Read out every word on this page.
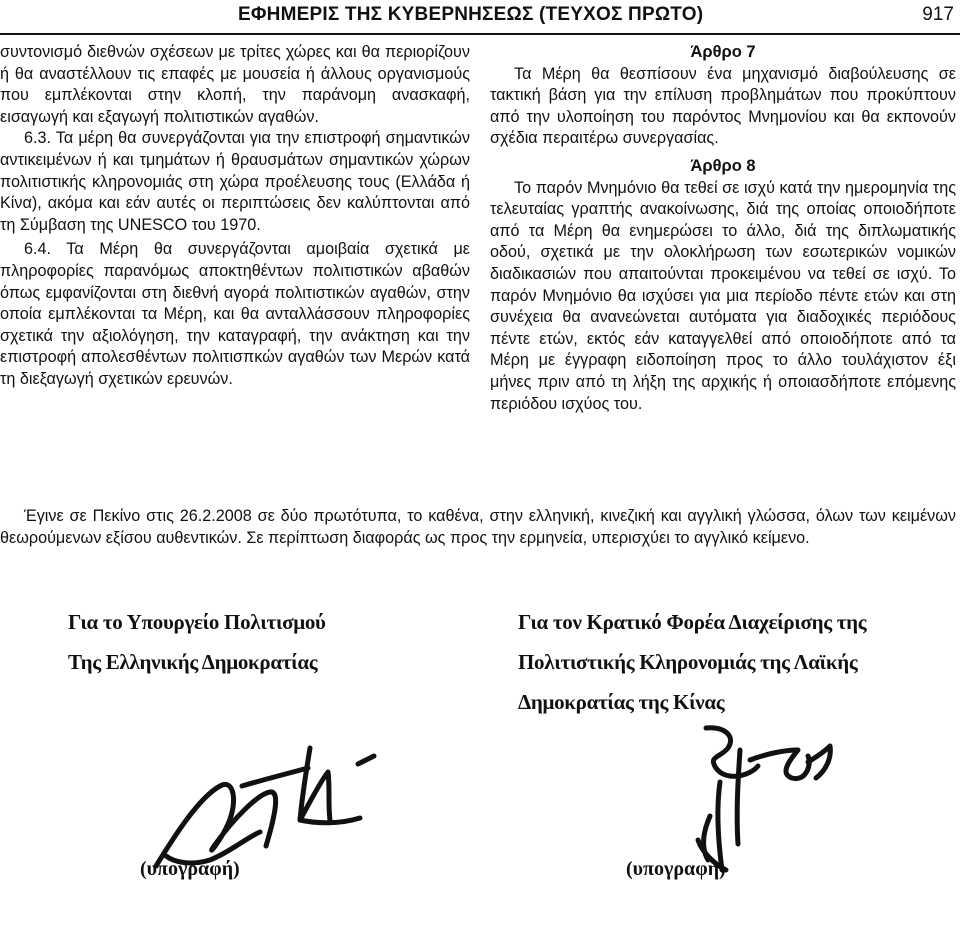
ΕΦΗΜΕΡΙΣ ΤΗΣ ΚΥΒΕΡΝΗΣΕΩΣ (ΤΕΥΧΟΣ ΠΡΩΤΟ)	917

συντονισμό διεθνών σχέσεων με τρίτες χώρες και θα περιορίζουν ή θα αναστέλλουν τις επαφές με μουσεία ή άλλους οργανισμούς που εμπλέκονται στην κλοπή, την παράνομη ανασκαφή, εισαγωγή και εξαγωγή πολιτιστικών αγαθών.

6.3. Τα μέρη θα συνεργάζονται για την επιστροφή σημαντικών αντικειμένων ή και τμημάτων ή θραυσμάτων σημαντικών χώρων πολιτιστικής κληρονομιάς στη χώρα προέλευσης τους (Ελλάδα ή Κίνα), ακόμα και εάν αυτές οι περιπτώσεις δεν καλύπτονται από τη Σύμβαση της UNESCO του 1970.

6.4. Τα Μέρη θα συνεργάζονται αμοιβαία σχετικά με πληροφορίες παρανόμως αποκτηθέντων πολιτιστικών αβαθών όπως εμφανίζονται στη διεθνή αγορά πολιτιστικών αγαθών, στην οποία εμπλέκονται τα Μέρη, και θα ανταλλάσσουν πληροφορίες σχετικά την αξιολόγηση, την καταγραφή, την ανάκτηση και την επιστροφή απολεσθέντων πολιτισπκών αγαθών των Μερών κατά τη διεξαγωγή σχετικών ερευνών.

Άρθρο 7

Τα Μέρη θα θεσπίσουν ένα μηχανισμό διαβούλευσης σε τακτική βάση για την επίλυση προβλημάτων που προκύπτουν από την υλοποίηση του παρόντος Μνημονίου και θα εκπονούν σχέδια περαιτέρω συνεργασίας.

Άρθρο 8

Το παρόν Μνημόνιο θα τεθεί σε ισχύ κατά την ημερομηνία της τελευταίας γραπτής ανακοίνωσης, διά της οποίας οποιοδήποτε από τα Μέρη θα ενημερώσει το άλλο, διά της διπλωματικής οδού, σχετικά με την ολοκλήρωση των εσωτερικών νομικών διαδικασιών που απαιτούνται προκειμένου να τεθεί σε ισχύ. Το παρόν Μνημόνιο θα ισχύσει για μια περίοδο πέντε ετών και στη συνέχεια θα ανανεώνεται αυτόματα για διαδοχικές περιόδους πέντε ετών, εκτός εάν καταγγελθεί από οποιοδήποτε από τα Μέρη με έγγραφη ειδοποίηση προς το άλλο τουλάχιστον έξι μήνες πριν από τη λήξη της αρχικής ή οποιασδήποτε επόμενης περιόδου ισχύος του.

Έγινε σε Πεκίνο στις 26.2.2008 σε δύο πρωτότυπα, το καθένα, στην ελληνική, κινεζική και αγγλική γλώσσα, όλων των κειμένων θεωρούμενων εξίσου αυθεντικών. Σε περίπτωση διαφοράς ως προς την ερμηνεία, υπερισχύει το αγγλικό κείμενο.

Για το Υπουργείο Πολιτισμού
Της Ελληνικής Δημοκρατίας
Για τον Κρατικό Φορέα Διαχείρισης της
Πολιτιστικής Κληρονομιάς της Λαϊκής
Δημοκρατίας της Κίνας
(υπογραφή)	(υπογραφή)
